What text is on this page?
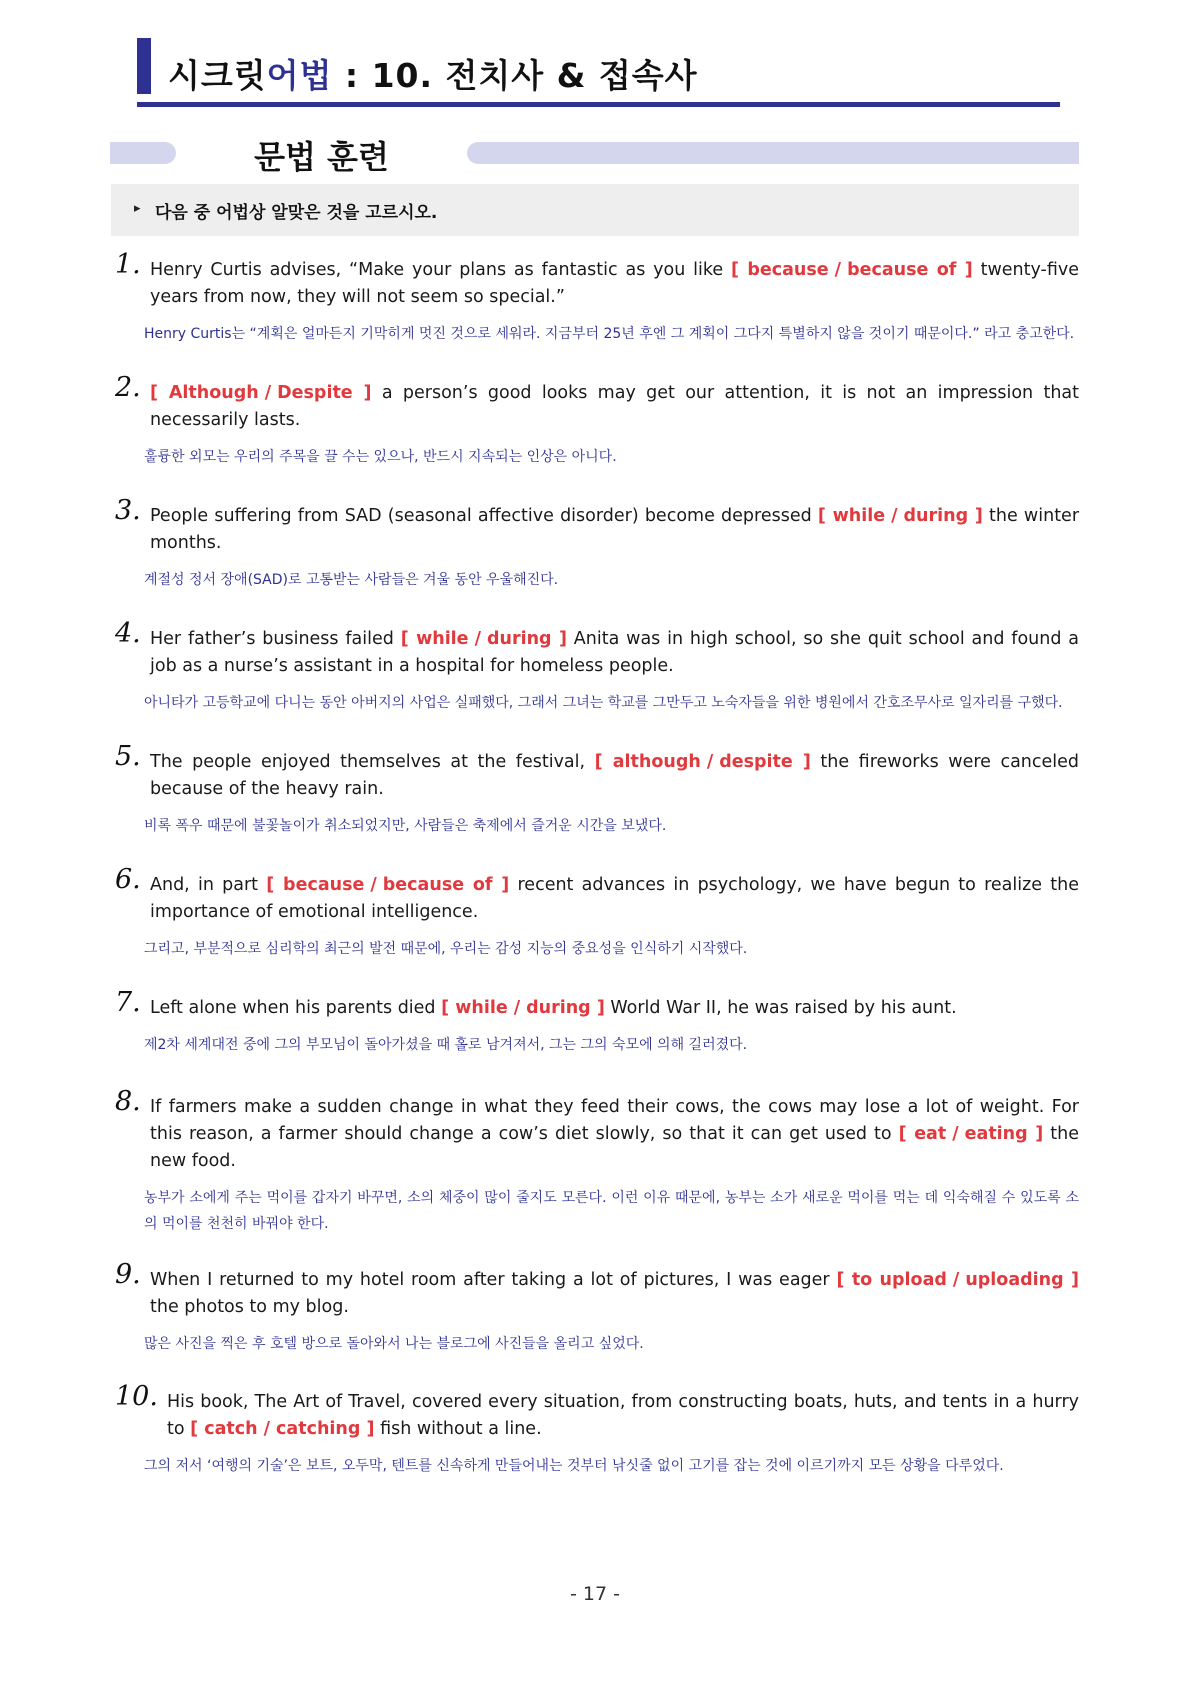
시크릿어법 : 10. 전치사 & 접속사
문법 훈련
▸ 다음 중 어법상 알맞은 것을 고르시오.
1. Henry Curtis advises, “Make your plans as fantastic as you like [ because / because of ] twenty-five years from now, they will not seem so special.”
Henry Curtis는 “계획은 얼마든지 기막히게 멋진 것으로 세워라. 지금부터 25년 후엔 그 계획이 그다지 특별하지 않을 것이기 때문이다.” 라고 충고한다.
2. [ Although / Despite ] a person’s good looks may get our attention, it is not an impression that necessarily lasts.
훌륭한 외모는 우리의 주목을 끌 수는 있으나, 반드시 지속되는 인상은 아니다.
3. People suffering from SAD (seasonal affective disorder) become depressed [ while / during ] the winter months.
계절성 정서 장애(SAD)로 고통받는 사람들은 겨울 동안 우울해진다.
4. Her father’s business failed [ while / during ] Anita was in high school, so she quit school and found a job as a nurse’s assistant in a hospital for homeless people.
아니타가 고등학교에 다니는 동안 아버지의 사업은 실패했다, 그래서 그녀는 학교를 그만두고 노숙자들을 위한 병원에서 간호조무사로 일자리를 구했다.
5. The people enjoyed themselves at the festival, [ although / despite ] the fireworks were canceled because of the heavy rain.
비록 폭우 때문에 불꽃놀이가 취소되었지만, 사람들은 축제에서 즐거운 시간을 보냈다.
6. And, in part [ because / because of ] recent advances in psychology, we have begun to realize the importance of emotional intelligence.
그리고, 부분적으로 심리학의 최근의 발전 때문에, 우리는 감성 지능의 중요성을 인식하기 시작했다.
7. Left alone when his parents died [ while / during ] World War II, he was raised by his aunt.
제2차 세계대전 중에 그의 부모님이 돌아가셨을 때 홀로 남겨져서, 그는 그의 숙모에 의해 길러졌다.
8. If farmers make a sudden change in what they feed their cows, the cows may lose a lot of weight. For this reason, a farmer should change a cow’s diet slowly, so that it can get used to [ eat / eating ] the new food.
농부가 소에게 주는 먹이를 갑자기 바꾸면, 소의 체중이 많이 줄지도 모른다. 이런 이유 때문에, 농부는 소가 새로운 먹이를 먹는 데 익숙해질 수 있도록 소의 먹이를 천천히 바꿔야 한다.
9. When I returned to my hotel room after taking a lot of pictures, I was eager [ to upload / uploading ] the photos to my blog.
많은 사진을 찍은 후 호텔 방으로 돌아와서 나는 블로그에 사진들을 올리고 싶었다.
10. His book, The Art of Travel, covered every situation, from constructing boats, huts, and tents in a hurry to [ catch / catching ] fish without a line.
그의 저서 ‘여행의 기술’은 보트, 오두막, 텐트를 신속하게 만들어내는 것부터 낚싯줄 없이 고기를 잡는 것에 이르기까지 모든 상황을 다루었다.
- 17 -
